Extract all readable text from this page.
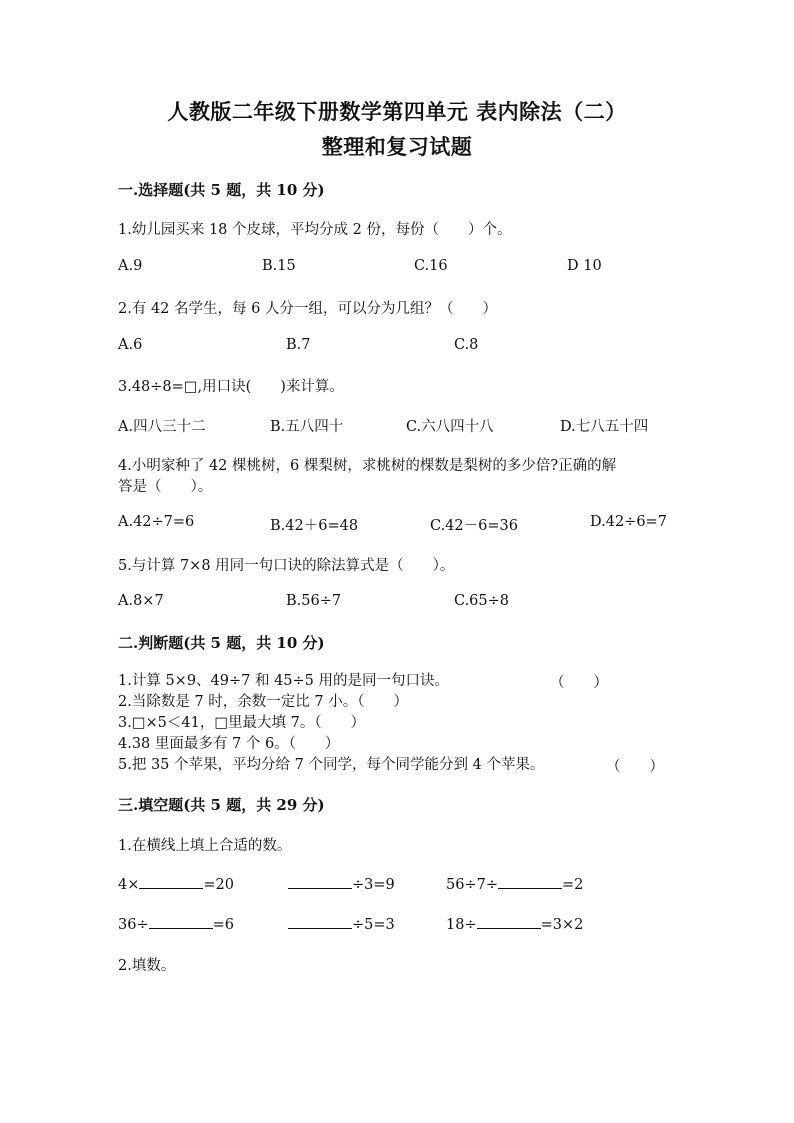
人教版二年级下册数学第四单元 表内除法（二）
整理和复习试题
一.选择题(共 5 题，共 10 分)
1.幼儿园买来 18 个皮球，平均分成 2 份，每份（　　）个。
A.9	B.15	C.16	D 10
2.有 42 名学生，每 6 人分一组，可以分为几组？（　　）
A.6	B.7	C.8
3.48÷8=□,用口诀(　　)来计算。
A.四八三十二	B.五八四十	C.六八四十八	D.七八五十四
4.小明家种了 42 棵桃树，6 棵梨树，求桃树的棵数是梨树的多少倍?正确的解
答是（　　）。
A.42÷7=6	B.42＋6=48	C.42－6=36	D.42÷6=7
5.与计算 7×8 用同一句口诀的除法算式是（　　）。
A.8×7	B.56÷7	C.65÷8
二.判断题(共 5 题，共 10 分)
1.计算 5×9、49÷7 和 45÷5 用的是同一句口诀。	（　　）
2.当除数是 7 时，余数一定比 7 小。（　　）
3.□×5＜41，□里最大填 7。（　　）
4.38 里面最多有 7 个 6。（　　）
5.把 35 个苹果，平均分给 7 个同学，每个同学能分到 4 个苹果。	（　　）
三.填空题(共 5 题，共 29 分)
1.在横线上填上合适的数。
4×	=20	÷3=9	56÷7÷	=2
36÷	=6	÷5=3	18÷	=3×2
2.填数。
